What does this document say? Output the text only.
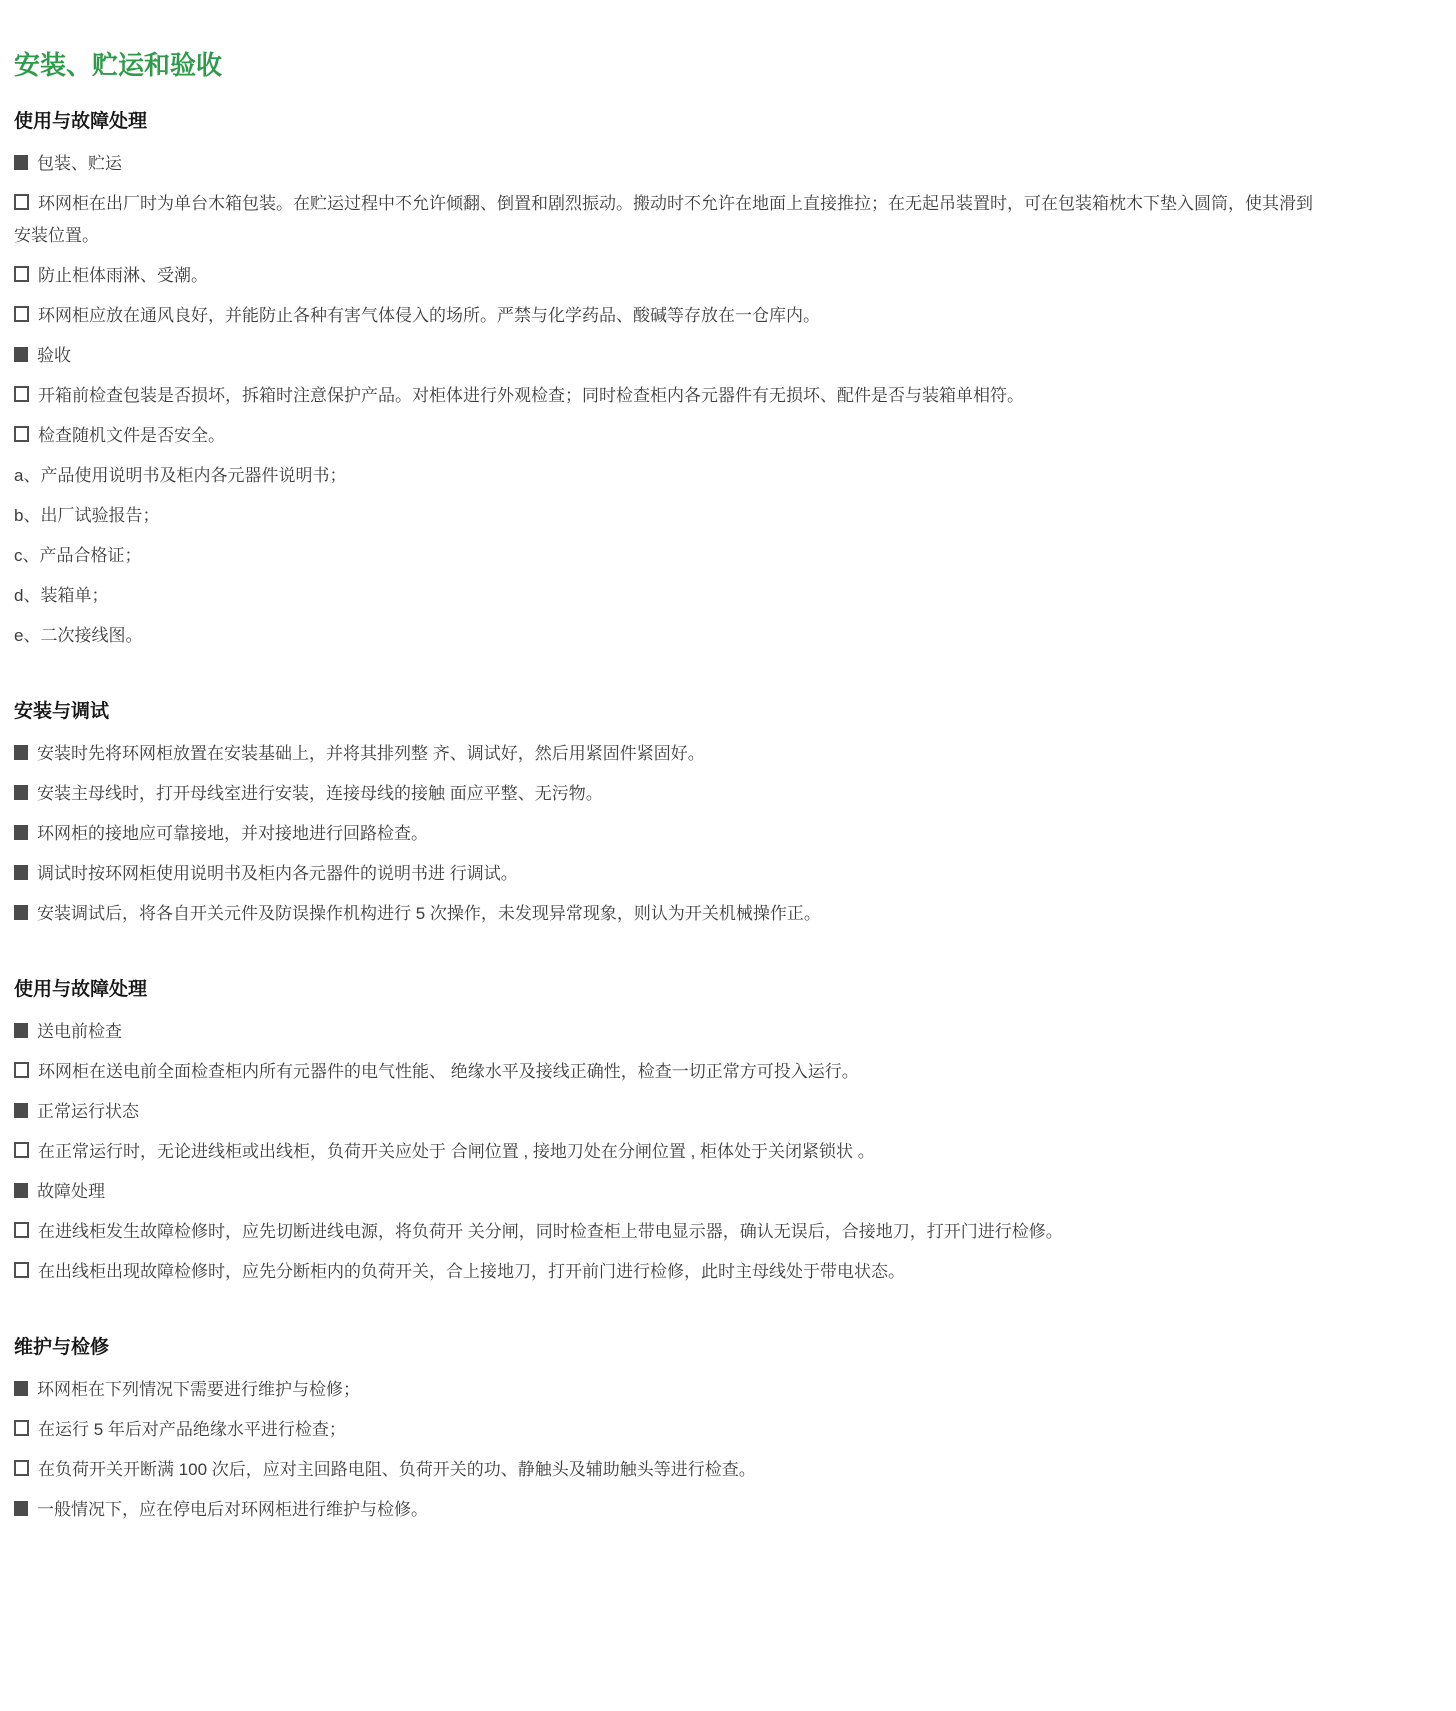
安装、贮运和验收
使用与故障处理

包装、贮运

环网柜在出厂时为单台木箱包装。在贮运过程中不允许倾翻、倒置和剧烈振动。搬动时不允许在地面上直接推拉；在无起吊装置时，可在包装箱枕木下垫入圆筒，使其滑到安装位置。

防止柜体雨淋、受潮。

环网柜应放在通风良好，并能防止各种有害气体侵入的场所。严禁与化学药品、酸碱等存放在一仓库内。

验收

开箱前检查包装是否损坏，拆箱时注意保护产品。对柜体进行外观检查；同时检查柜内各元器件有无损坏、配件是否与装箱单相符。

检查随机文件是否安全。

a、产品使用说明书及柜内各元器件说明书；

b、出厂试验报告；

c、产品合格证；

d、装箱单；

e、二次接线图。

安装与调试

安装时先将环网柜放置在安装基础上，并将其排列整 齐、调试好，然后用紧固件紧固好。

安装主母线时，打开母线室进行安装，连接母线的接触 面应平整、无污物。

环网柜的接地应可靠接地，并对接地进行回路检查。

调试时按环网柜使用说明书及柜内各元器件的说明书进 行调试。

安装调试后，将各自开关元件及防误操作机构进行 5 次操作，未发现异常现象，则认为开关机械操作正。

使用与故障处理

送电前检查

环网柜在送电前全面检查柜内所有元器件的电气性能、 绝缘水平及接线正确性，检查一切正常方可投入运行。

正常运行状态

在正常运行时，无论进线柜或出线柜，负荷开关应处于 合闸位置 , 接地刀处在分闸位置 , 柜体处于关闭紧锁状 。

故障处理

在进线柜发生故障检修时，应先切断进线电源，将负荷开 关分闸，同时检查柜上带电显示器，确认无误后，合接地刀，打开门进行检修。

在出线柜出现故障检修时，应先分断柜内的负荷开关，合上接地刀，打开前门进行检修，此时主母线处于带电状态。

维护与检修

环网柜在下列情况下需要进行维护与检修；

在运行 5 年后对产品绝缘水平进行检查；

在负荷开关开断满 100 次后，应对主回路电阻、负荷开关的功、静触头及辅助触头等进行检查。

一般情况下，应在停电后对环网柜进行维护与检修。
